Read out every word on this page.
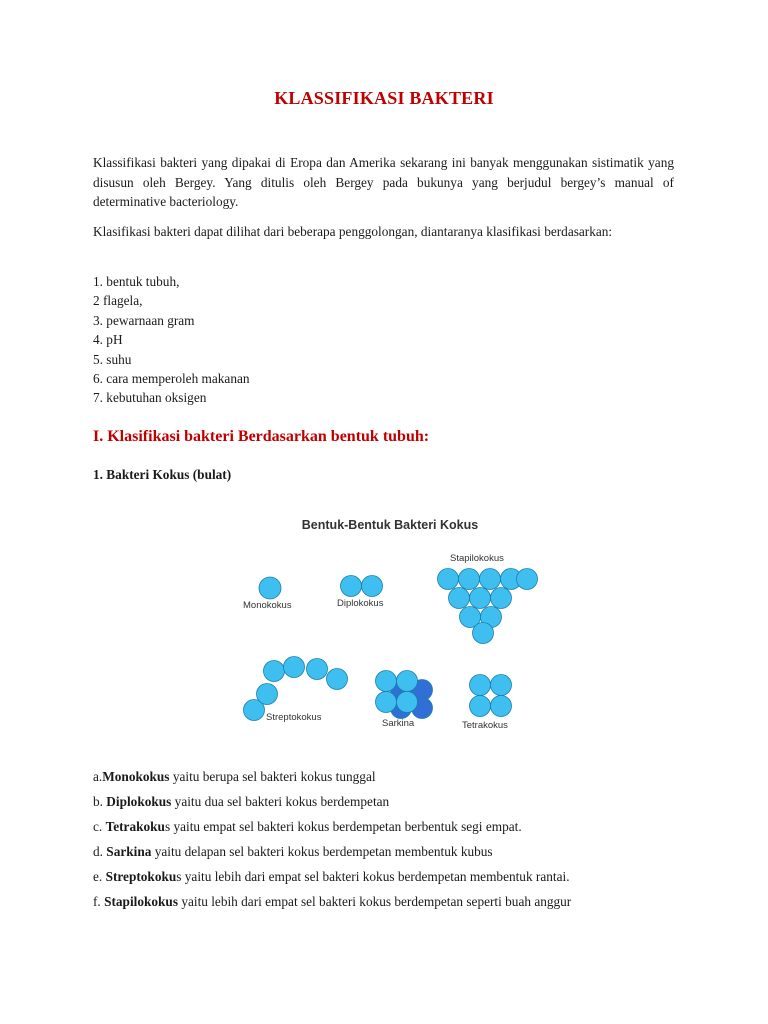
KLASSIFIKASI BAKTERI

Klassifikasi bakteri yang dipakai di Eropa dan Amerika sekarang ini banyak menggunakan sistimatik yang disusun oleh Bergey. Yang ditulis oleh Bergey pada bukunya yang berjudul bergey’s manual of determinative bacteriology.

Klasifikasi bakteri dapat dilihat dari beberapa penggolongan, diantaranya klasifikasi berdasarkan:

1. bentuk tubuh,
2 flagela,
3. pewarnaan gram
4. pH
5. suhu
6. cara memperoleh makanan
7. kebutuhan oksigen
I. Klasifikasi bakteri Berdasarkan bentuk tubuh:
1. Bakteri Kokus (bulat)
Bentuk-Bentuk Bakteri Kokus
Monokokus	Diplokokus
Stapilokokus
Streptokokus
Sarkina	Tetrakokus
a.Monokokus yaitu berupa sel bakteri kokus tunggal
b. Diplokokus yaitu dua sel bakteri kokus berdempetan
c. Tetrakokus yaitu empat sel bakteri kokus berdempetan berbentuk segi empat.
d. Sarkina yaitu delapan sel bakteri kokus berdempetan membentuk kubus
e. Streptokokus yaitu lebih dari empat sel bakteri kokus berdempetan membentuk rantai.
f. Stapilokokus yaitu lebih dari empat sel bakteri kokus berdempetan seperti buah anggur
